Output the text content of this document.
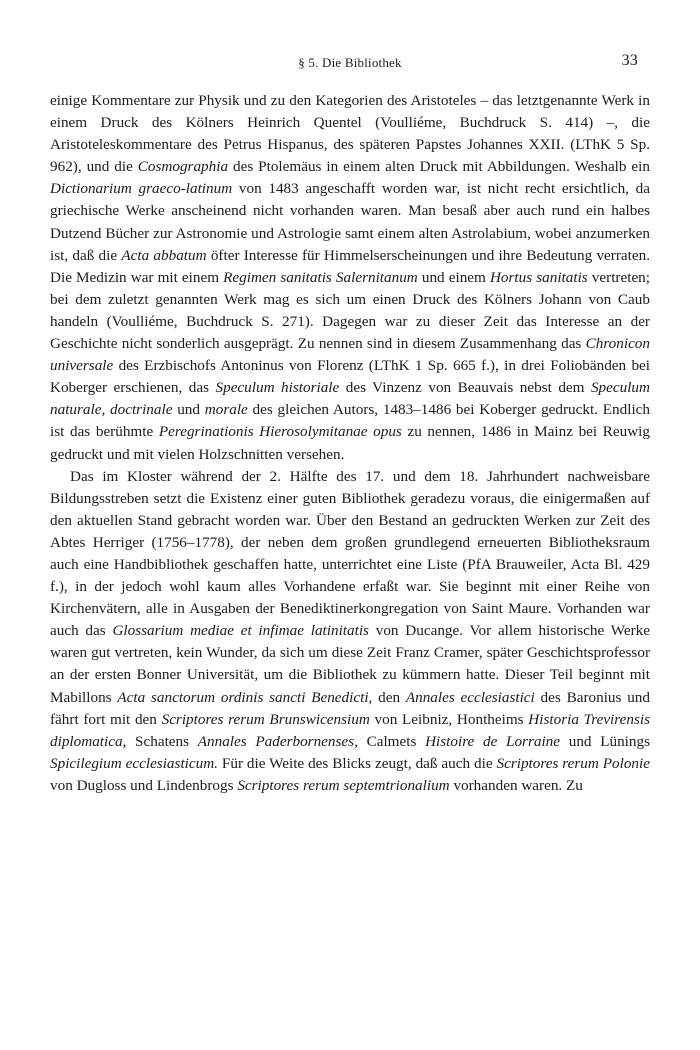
§ 5. Die Bibliothek	33

einige Kommentare zur Physik und zu den Kategorien des Aristoteles – das letztgenannte Werk in einem Druck des Kölners Heinrich Quentel (Voulliéme, Buchdruck S. 414) –, die Aristoteleskommentare des Petrus Hispanus, des späteren Papstes Johannes XXII. (LThK 5 Sp. 962), und die Cosmographia des Ptolemäus in einem alten Druck mit Abbildungen. Weshalb ein Dictionarium graeco-latinum von 1483 angeschafft worden war, ist nicht recht ersichtlich, da griechische Werke anscheinend nicht vorhanden waren. Man besaß aber auch rund ein halbes Dutzend Bücher zur Astronomie und Astrologie samt einem alten Astrolabium, wobei anzumerken ist, daß die Acta abbatum öfter Interesse für Himmelserscheinungen und ihre Bedeutung verraten. Die Medizin war mit einem Regimen sanitatis Salernitanum und einem Hortus sanitatis vertreten; bei dem zuletzt genannten Werk mag es sich um einen Druck des Kölners Johann von Caub handeln (Voulliéme, Buchdruck S. 271). Dagegen war zu dieser Zeit das Interesse an der Geschichte nicht sonderlich ausgeprägt. Zu nennen sind in diesem Zusammenhang das Chronicon universale des Erzbischofs Antoninus von Florenz (LThK 1 Sp. 665 f.), in drei Foliobänden bei Koberger erschienen, das Speculum historiale des Vinzenz von Beauvais nebst dem Speculum naturale, doctrinale und morale des gleichen Autors, 1483–1486 bei Koberger gedruckt. Endlich ist das berühmte Peregrinationis Hierosolymitanae opus zu nennen, 1486 in Mainz bei Reuwig gedruckt und mit vielen Holzschnitten versehen.

Das im Kloster während der 2. Hälfte des 17. und dem 18. Jahrhundert nachweisbare Bildungsstreben setzt die Existenz einer guten Bibliothek geradezu voraus, die einigermaßen auf den aktuellen Stand gebracht worden war. Über den Bestand an gedruckten Werken zur Zeit des Abtes Herriger (1756–1778), der neben dem großen grundlegend erneuerten Bibliotheksraum auch eine Handbibliothek geschaffen hatte, unterrichtet eine Liste (PfA Brauweiler, Acta Bl. 429 f.), in der jedoch wohl kaum alles Vorhandene erfaßt war. Sie beginnt mit einer Reihe von Kirchenvätern, alle in Ausgaben der Benediktinerkongregation von Saint Maure. Vorhanden war auch das Glossarium mediae et infimae latinitatis von Ducange. Vor allem historische Werke waren gut vertreten, kein Wunder, da sich um diese Zeit Franz Cramer, später Geschichtsprofessor an der ersten Bonner Universität, um die Bibliothek zu kümmern hatte. Dieser Teil beginnt mit Mabillons Acta sanctorum ordinis sancti Benedicti, den Annales ecclesiastici des Baronius und fährt fort mit den Scriptores rerum Brunswicensium von Leibniz, Hontheims Historia Trevirensis diplomatica, Schatens Annales Paderbornenses, Calmets Histoire de Lorraine und Lünings Spicilegium ecclesiasticum. Für die Weite des Blicks zeugt, daß auch die Scriptores rerum Polonie von Dugloss und Lindenbrogs Scriptores rerum septemtrionalium vorhanden waren. Zu
